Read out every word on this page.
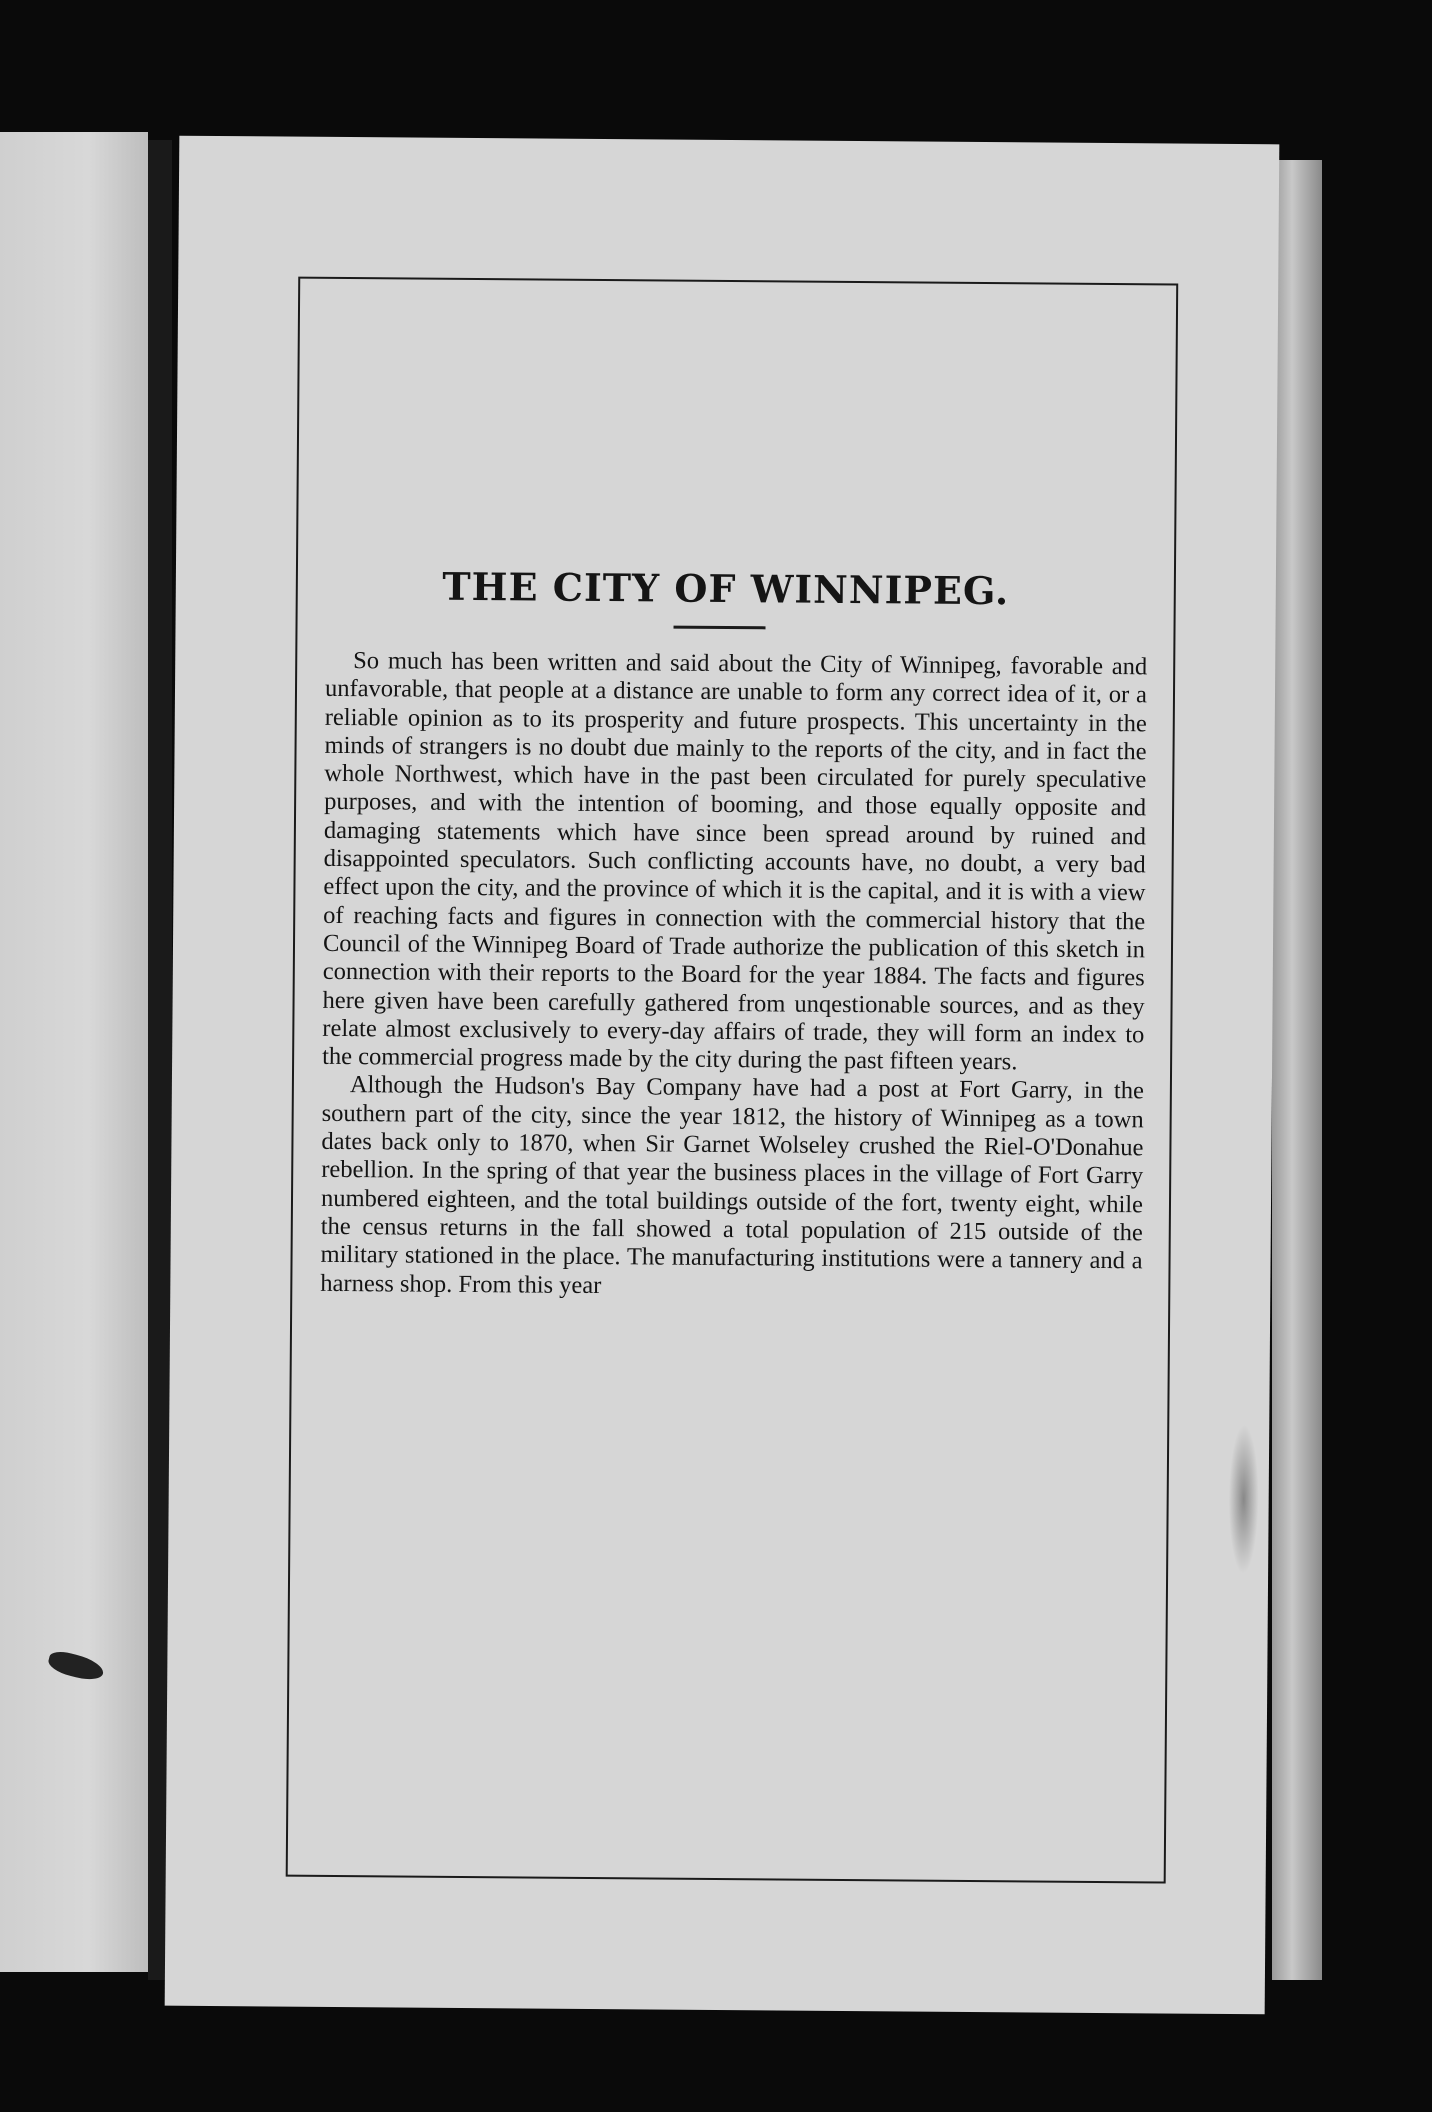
THE CITY OF WINNIPEG.

So much has been written and said about the City of Winnipeg, favorable and unfavorable, that people at a distance are unable to form any correct idea of it, or a reliable opinion as to its prosperity and future prospects. This uncertainty in the minds of strangers is no doubt due mainly to the reports of the city, and in fact the whole Northwest, which have in the past been circulated for purely speculative purposes, and with the intention of booming, and those equally opposite and damaging statements which have since been spread around by ruined and disappointed speculators. Such conflicting accounts have, no doubt, a very bad effect upon the city, and the province of which it is the capital, and it is with a view of reaching facts and figures in connection with the commercial history that the Council of the Winnipeg Board of Trade authorize the publication of this sketch in connection with their reports to the Board for the year 1884. The facts and figures here given have been carefully gathered from unqestionable sources, and as they relate almost exclusively to every-day affairs of trade, they will form an index to the commercial progress made by the city during the past fifteen years.

Although the Hudson's Bay Company have had a post at Fort Garry, in the southern part of the city, since the year 1812, the history of Winnipeg as a town dates back only to 1870, when Sir Garnet Wolseley crushed the Riel-O'Donahue rebellion. In the spring of that year the business places in the village of Fort Garry numbered eighteen, and the total buildings outside of the fort, twenty eight, while the census returns in the fall showed a total population of 215 outside of the military stationed in the place. The manufacturing institutions were a tannery and a harness shop. From this year
